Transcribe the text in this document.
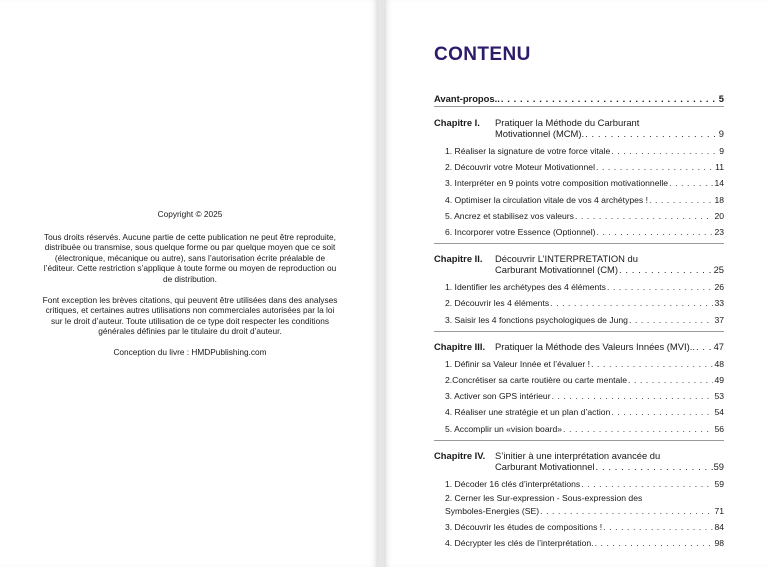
Copyright © 2025

Tous droits réservés. Aucune partie de cette publication ne peut être reproduite, distribuée ou transmise, sous quelque forme ou par quelque moyen que ce soit (électronique, mécanique ou autre), sans l’autorisation écrite préalable de l’éditeur. Cette restriction s’applique à toute forme ou moyen de reproduction ou de distribution.

Font exception les brèves citations, qui peuvent être utilisées dans des analyses critiques, et certaines autres utilisations non commerciales autorisées par la loi sur le droit d’auteur. Toute utilisation de ce type doit respecter les conditions générales définies par le titulaire du droit d’auteur.

Conception du livre : HMDPublishing.com

CONTENU
Avant-propos.. . . .	5
Chapitre I.	Pratiquer la Méthode du Carburant
Motivationnel (MCM). . . .	9
1. Réaliser la signature de votre force vitale . . .	9
2. Découvrir votre Moteur Motivationnel . . .	11
3. Interpréter en 9 points votre composition motivationnelle . . .	14
4. Optimiser la circulation vitale de vos 4 archétypes ! . . .	18
5. Ancrez et stabilisez vos valeurs . . .	20
6. Incorporer votre Essence (Optionnel) . . .	23
Chapitre II.	Découvrir L’INTERPRETATION du
Carburant Motivationnel (CM) . . .	25
1. Identifier les archétypes des 4 éléments . . .	26
2. Découvrir les 4 éléments . . .	33
3. Saisir les 4 fonctions psychologiques de Jung . . .	37
Chapitre III.	Pratiquer la Méthode des Valeurs Innées (MVI).. . . . 47
1. Définir sa Valeur Innée et l’évaluer ! . . .	48
2.Concrétiser sa carte routière ou carte mentale . . .	49
3. Activer son GPS intérieur . . .	53
4. Réaliser une stratégie et un plan d’action . . .	54
5. Accomplir un «vision board» . . .	56
Chapitre IV.	S’initier à une interprétation avancée du
Carburant Motivationnel . . .	59
1. Décoder 16 clés d’interprétations . . .	59
2. Cerner les Sur-expression - Sous-expression des
Symboles-Energies (SE) . . .	71
3. Découvrir les études de compositions ! . . .	84
4. Décrypter les clés de l’interprétation. . . .	98
